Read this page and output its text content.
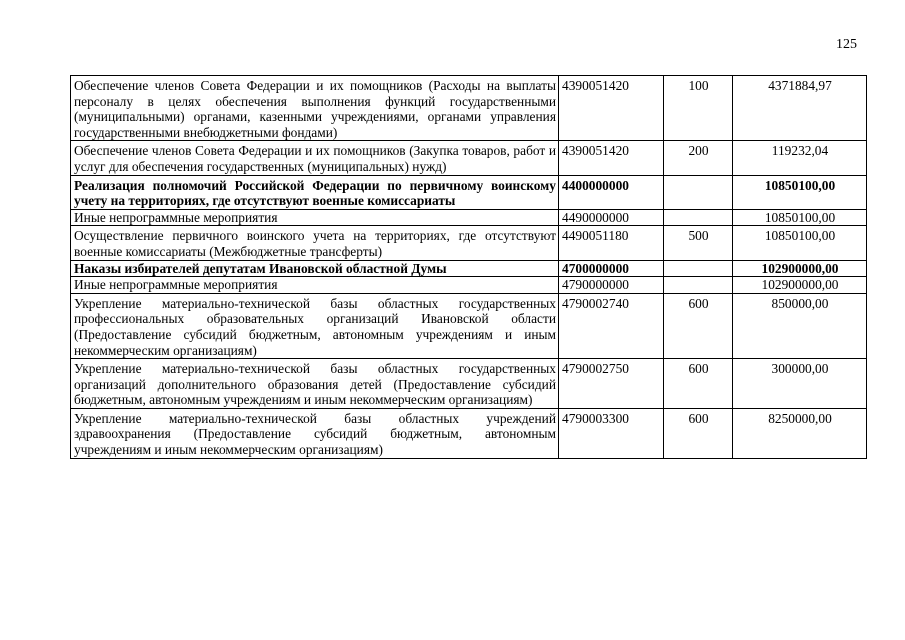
125
Обеспечение членов Совета Федерации и их помощников (Расходы на выплаты персоналу в целях обеспечения выполнения функций государственными (муниципальными) органами, казенными учреждениями, органами управления государственными внебюджетными фондами)	4390051420	100	4371884,97
Обеспечение членов Совета Федерации и их помощников (Закупка товаров, работ и услуг для обеспечения государственных (муниципальных) нужд)	4390051420	200	119232,04
Реализация полномочий Российской Федерации по первичному воинскому учету на территориях, где отсутствуют военные комиссариаты	4400000000		10850100,00
Иные непрограммные мероприятия	4490000000		10850100,00
Осуществление первичного воинского учета на территориях, где отсутствуют военные комиссариаты (Межбюджетные трансферты)	4490051180	500	10850100,00
Наказы избирателей депутатам Ивановской областной Думы	4700000000		102900000,00
Иные непрограммные мероприятия	4790000000		102900000,00
Укрепление материально-технической базы областных государственных профессиональных образовательных организаций Ивановской области (Предоставление субсидий бюджетным, автономным учреждениям и иным некоммерческим организациям)	4790002740	600	850000,00
Укрепление материально-технической базы областных государственных организаций дополнительного образования детей (Предоставление субсидий бюджетным, автономным учреждениям и иным некоммерческим организациям)	4790002750	600	300000,00
Укрепление материально-технической базы областных учреждений здравоохранения (Предоставление субсидий бюджетным, автономным учреждениям и иным некоммерческим организациям)	4790003300	600	8250000,00
